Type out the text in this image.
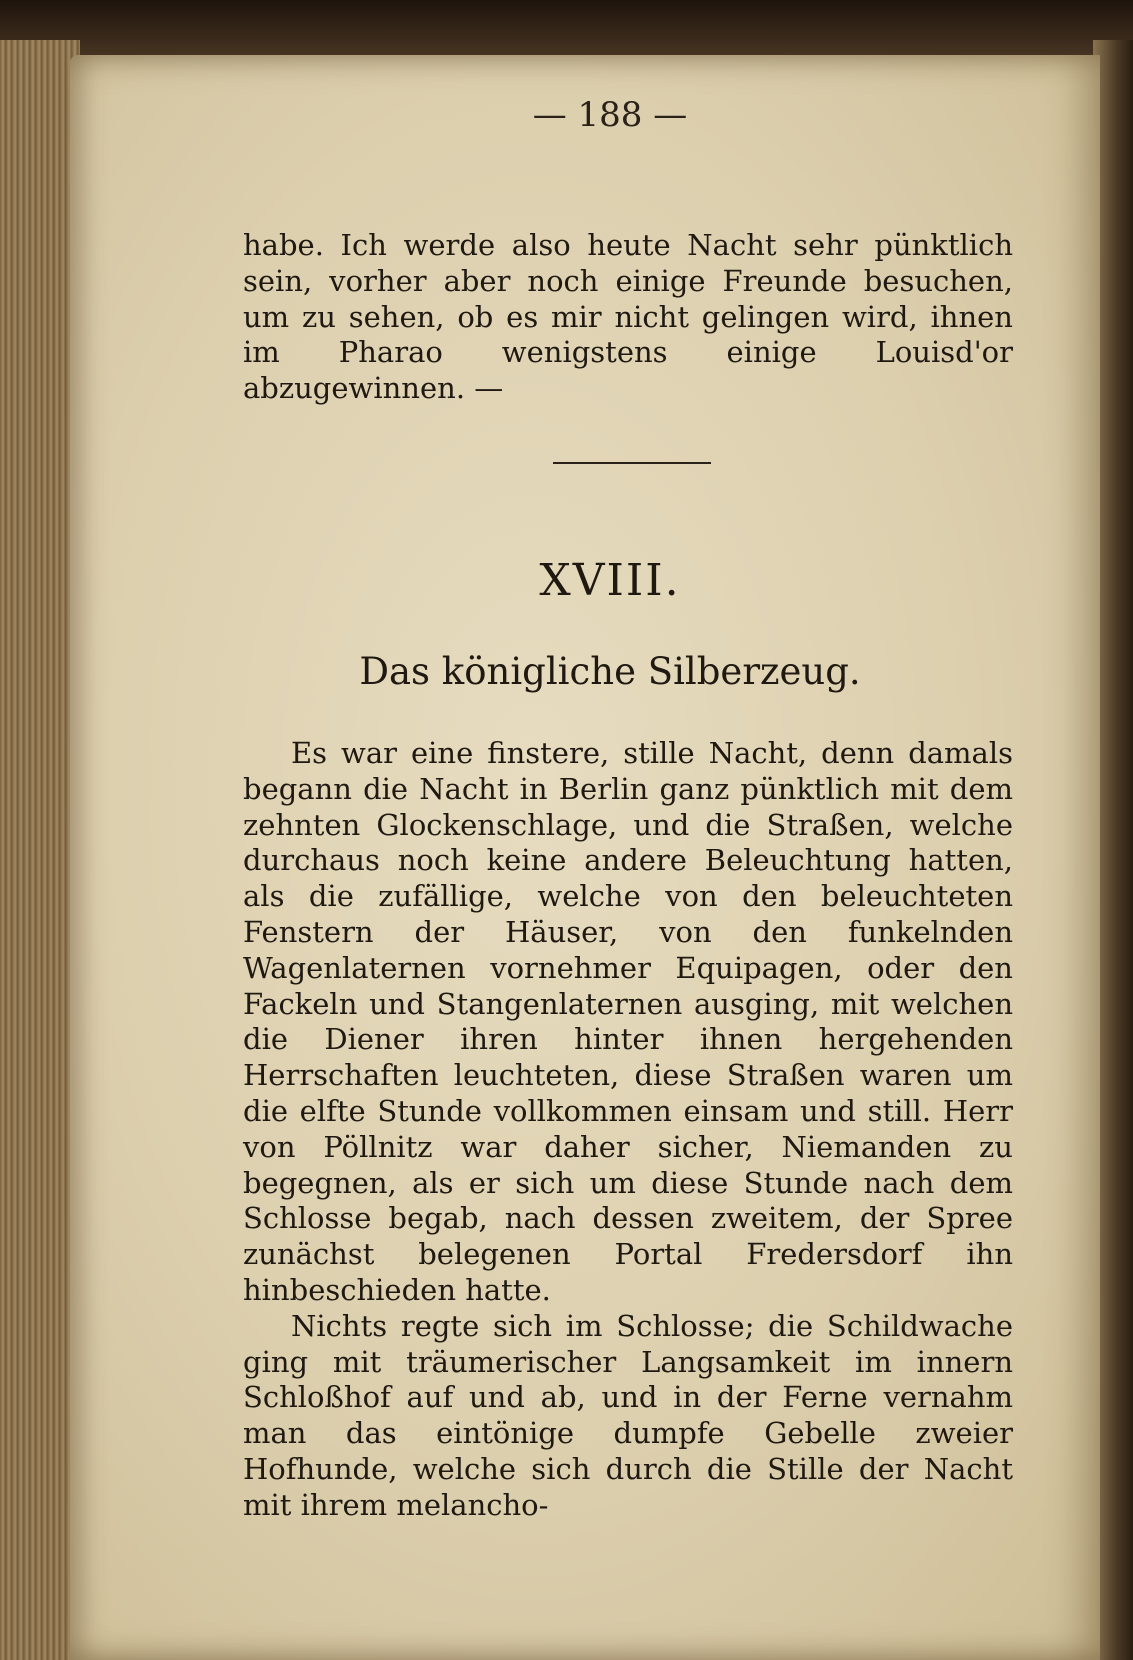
— 188 —

habe. Ich werde also heute Nacht sehr pünktlich sein, vorher aber noch einige Freunde besuchen, um zu sehen, ob es mir nicht gelingen wird, ihnen im Pharao wenigstens einige Louisd'or abzugewinnen. —

XVIII.
Das königliche Silberzeug.

Es war eine finstere, stille Nacht, denn damals begann die Nacht in Berlin ganz pünktlich mit dem zehnten Glockenschlage, und die Straßen, welche durchaus noch keine andere Beleuchtung hatten, als die zufällige, welche von den beleuchteten Fenstern der Häuser, von den funkelnden Wagenlaternen vornehmer Equipagen, oder den Fackeln und Stangenlaternen ausging, mit welchen die Diener ihren hinter ihnen hergehenden Herrschaften leuchteten, diese Straßen waren um die elfte Stunde vollkommen einsam und still. Herr von Pöllnitz war daher sicher, Niemanden zu begegnen, als er sich um diese Stunde nach dem Schlosse begab, nach dessen zweitem, der Spree zunächst belegenen Portal Fredersdorf ihn hinbeschieden hatte.

Nichts regte sich im Schlosse; die Schildwache ging mit träumerischer Langsamkeit im innern Schloßhof auf und ab, und in der Ferne vernahm man das eintönige dumpfe Gebelle zweier Hofhunde, welche sich durch die Stille der Nacht mit ihrem melancho-
